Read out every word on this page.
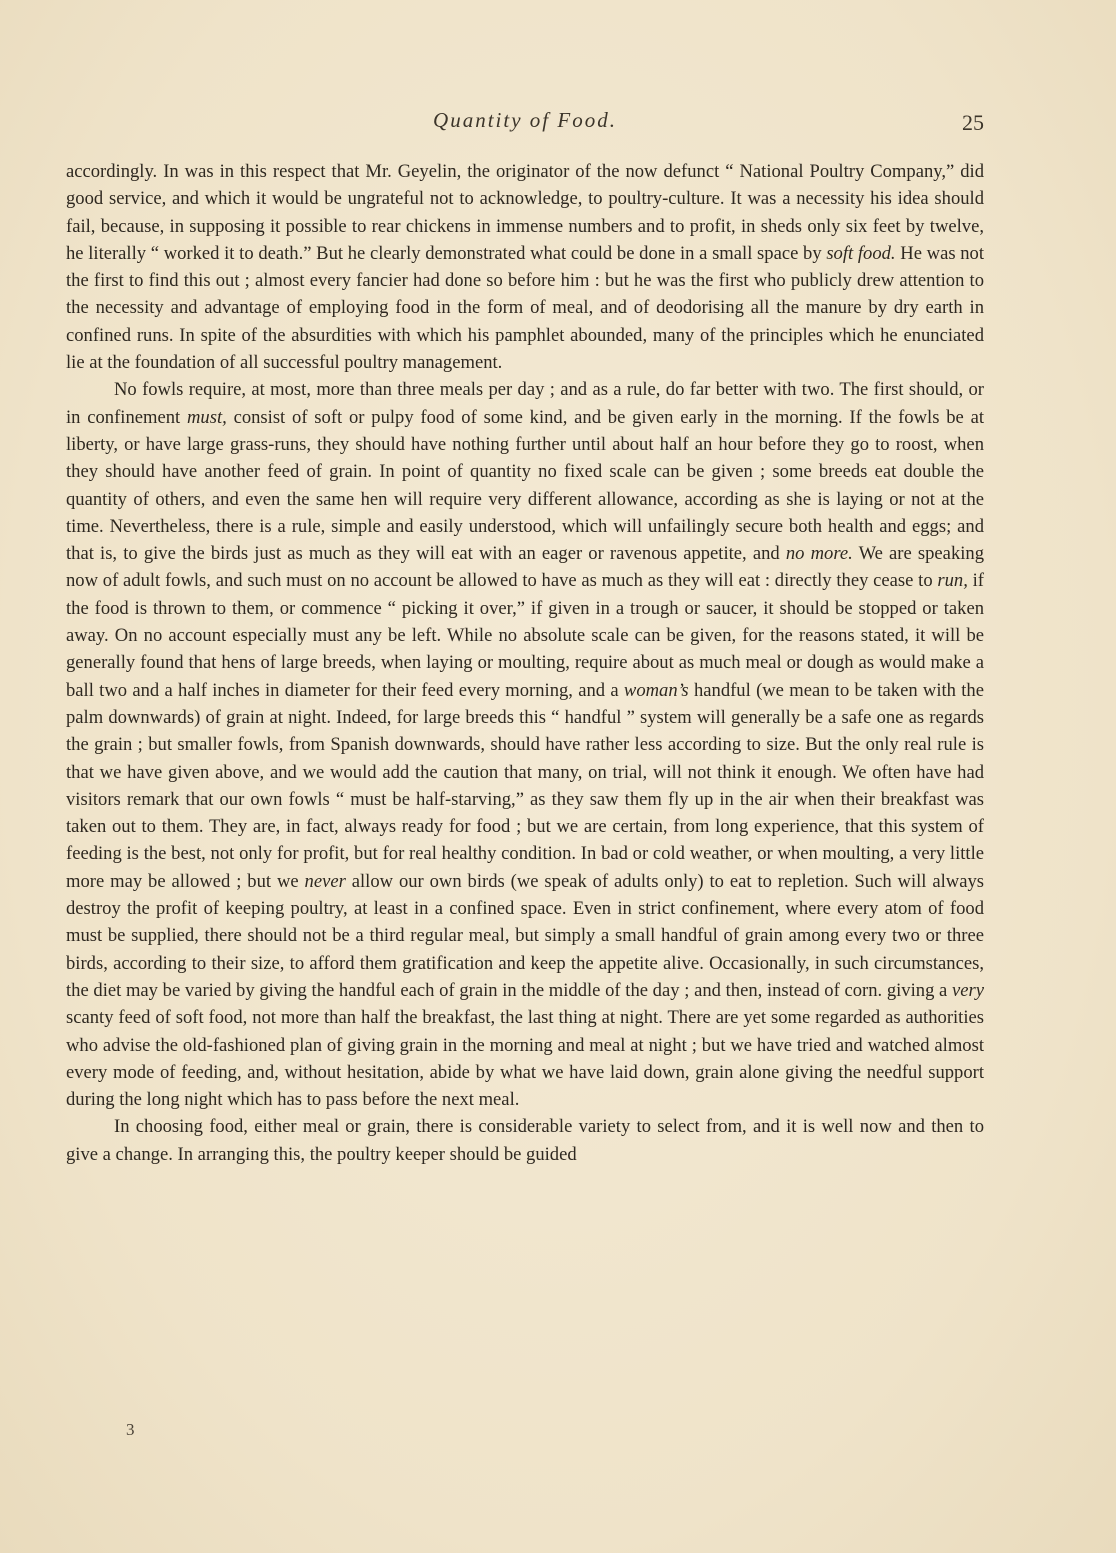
Quantity of Food.	25

accordingly. In was in this respect that Mr. Geyelin, the originator of the now defunct “ National Poultry Company,” did good service, and which it would be ungrateful not to acknowledge, to poultry-culture. It was a necessity his idea should fail, because, in supposing it possible to rear chickens in immense numbers and to profit, in sheds only six feet by twelve, he literally “ worked it to death.” But he clearly demonstrated what could be done in a small space by soft food. He was not the first to find this out ; almost every fancier had done so before him : but he was the first who publicly drew attention to the necessity and advantage of employing food in the form of meal, and of deodorising all the manure by dry earth in confined runs. In spite of the absurdities with which his pamphlet abounded, many of the principles which he enunciated lie at the foundation of all successful poultry management.

No fowls require, at most, more than three meals per day ; and as a rule, do far better with two. The first should, or in confinement must, consist of soft or pulpy food of some kind, and be given early in the morning. If the fowls be at liberty, or have large grass-runs, they should have nothing further until about half an hour before they go to roost, when they should have another feed of grain. In point of quantity no fixed scale can be given ; some breeds eat double the quantity of others, and even the same hen will require very different allowance, according as she is laying or not at the time. Nevertheless, there is a rule, simple and easily understood, which will unfailingly secure both health and eggs; and that is, to give the birds just as much as they will eat with an eager or ravenous appetite, and no more. We are speaking now of adult fowls, and such must on no account be allowed to have as much as they will eat : directly they cease to run, if the food is thrown to them, or commence “ picking it over,” if given in a trough or saucer, it should be stopped or taken away. On no account especially must any be left. While no absolute scale can be given, for the reasons stated, it will be generally found that hens of large breeds, when laying or moulting, require about as much meal or dough as would make a ball two and a half inches in diameter for their feed every morning, and a woman’s handful (we mean to be taken with the palm downwards) of grain at night. Indeed, for large breeds this “ handful ” system will generally be a safe one as regards the grain ; but smaller fowls, from Spanish downwards, should have rather less according to size. But the only real rule is that we have given above, and we would add the caution that many, on trial, will not think it enough. We often have had visitors remark that our own fowls “ must be half-starving,” as they saw them fly up in the air when their breakfast was taken out to them. They are, in fact, always ready for food ; but we are certain, from long experience, that this system of feeding is the best, not only for profit, but for real healthy condition. In bad or cold weather, or when moulting, a very little more may be allowed ; but we never allow our own birds (we speak of adults only) to eat to repletion. Such will always destroy the profit of keeping poultry, at least in a confined space. Even in strict confinement, where every atom of food must be supplied, there should not be a third regular meal, but simply a small handful of grain among every two or three birds, according to their size, to afford them gratification and keep the appetite alive. Occasionally, in such circumstances, the diet may be varied by giving the handful each of grain in the middle of the day ; and then, instead of corn. giving a very scanty feed of soft food, not more than half the breakfast, the last thing at night. There are yet some regarded as authorities who advise the old-fashioned plan of giving grain in the morning and meal at night ; but we have tried and watched almost every mode of feeding, and, without hesitation, abide by what we have laid down, grain alone giving the needful support during the long night which has to pass before the next meal.

In choosing food, either meal or grain, there is considerable variety to select from, and it is well now and then to give a change. In arranging this, the poultry keeper should be guided

3
